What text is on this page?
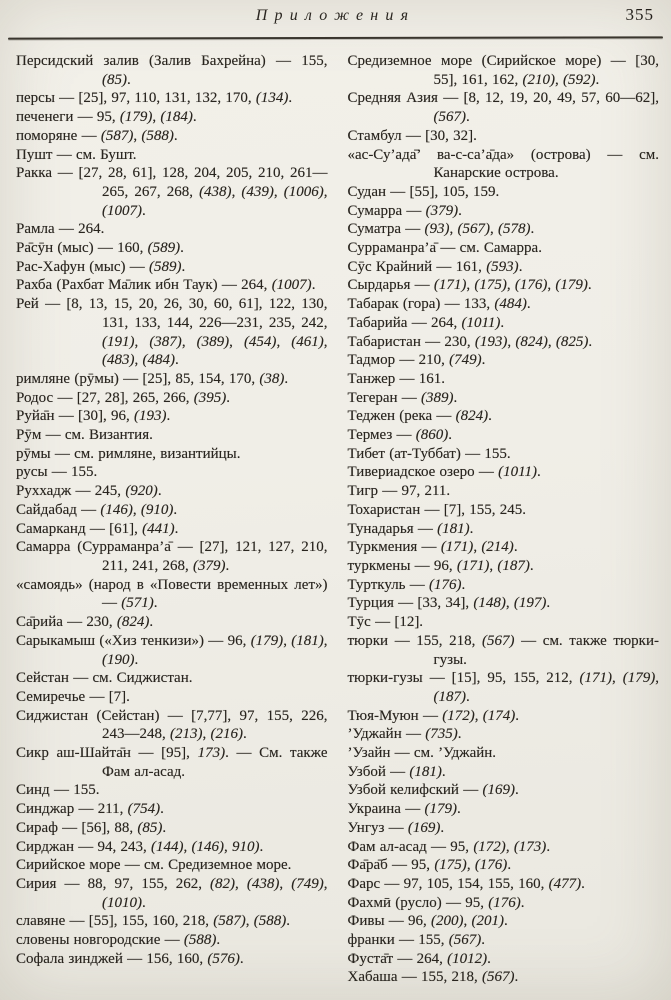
Приложения	355

Персидский залив (Залив Бахрейна) — 155, (85).

персы — [25], 97, 110, 131, 132, 170, (134).

печенеги — 95, (179), (184).

поморяне — (587), (588).

Пушт — см. Бушт.

Ракка — [27, 28, 61], 128, 204, 205, 210, 261—265, 267, 268, (438), (439), (1006), (1007).

Рамла — 264.

Ра̄сӯн (мыс) — 160, (589).

Рас-Хафун (мыс) — (589).

Рахба (Рахбат Ма̄лик ибн Таук) — 264, (1007).

Рей — [8, 13, 15, 20, 26, 30, 60, 61], 122, 130, 131, 133, 144, 226—231, 235, 242, (191), (387), (389), (454), (461), (483), (484).

римляне (рӯмы) — [25], 85, 154, 170, (38).

Родос — [27, 28], 265, 266, (395).

Руйа̄н — [30], 96, (193).

Рӯм — см. Византия.

рӯмы — см. римляне, византийцы.

русы — 155.

Руххадж — 245, (920).

Сайдабад — (146), (910).

Самарканд — [61], (441).

Самарра (Сурраманра’а̄ — [27], 121, 127, 210, 211, 241, 268, (379).

«самоядь» (народ в «Повести временных лет») — (571).

Са̄рийа — 230, (824).

Сарыкамыш («Хиз тенкизи») — 96, (179), (181), (190).

Сейстан — см. Сиджистан.

Семиречье — [7].

Сиджистан (Сейстан) — [7,77], 97, 155, 226, 243—248, (213), (216).

Сикр аш-Шайта̄н — [95], 173). — См. также Фам ал-асад.

Синд — 155.

Синджар — 211, (754).

Сираф — [56], 88, (85).

Сирджан — 94, 243, (144), (146), 910).

Сирийское море — см. Средиземное море.

Сирия — 88, 97, 155, 262, (82), (438), (749), (1010).

славяне — [55], 155, 160, 218, (587), (588).

словены новгородские — (588).

Софала зинджей — 156, 160, (576).

Средиземное море (Сирийское море) — [30, 55], 161, 162, (210), (592).

Средняя Азия — [8, 12, 19, 20, 49, 57, 60—62], (567).

Стамбул — [30, 32].

«ас-Су’ада̄’ ва-с-са’а̄да» (острова) — см. Канарские острова.

Судан — [55], 105, 159.

Сумарра — (379).

Суматра — (93), (567), (578).

Сурраманра’а̄ — см. Самарра.

Сӯс Крайний — 161, (593).

Сырдарья — (171), (175), (176), (179).

Табарак (гора) — 133, (484).

Табарийа — 264, (1011).

Табаристан — 230, (193), (824), (825).

Тадмор — 210, (749).

Танжер — 161.

Тегеран — (389).

Теджен (река — (824).

Термез — (860).

Тибет (ат-Туббат) — 155.

Тивериадское озеро — (1011).

Тигр — 97, 211.

Тохаристан — [7], 155, 245.

Тунадарья — (181).

Туркмения — (171), (214).

туркмены — 96, (171), (187).

Турткуль — (176).

Турция — [33, 34], (148), (197).

Тӯс — [12].

тюрки — 155, 218, (567) — см. также тюрки-гузы.

тюрки-гузы — [15], 95, 155, 212, (171), (179), (187).

Тюя-Муюн — (172), (174).

’Уджайн — (735).

’Узайн — см. ’Уджайн.

Узбой — (181).

Узбой келифский — (169).

Украина — (179).

Унгуз — (169).

Фам ал-асад — 95, (172), (173).

Фа̄ра̄б — 95, (175), (176).

Фарс — 97, 105, 154, 155, 160, (477).

Фахмӣ (русло) — 95, (176).

Фивы — 96, (200), (201).

франки — 155, (567).

Фуста̄т — 264, (1012).

Хабаша — 155, 218, (567).
